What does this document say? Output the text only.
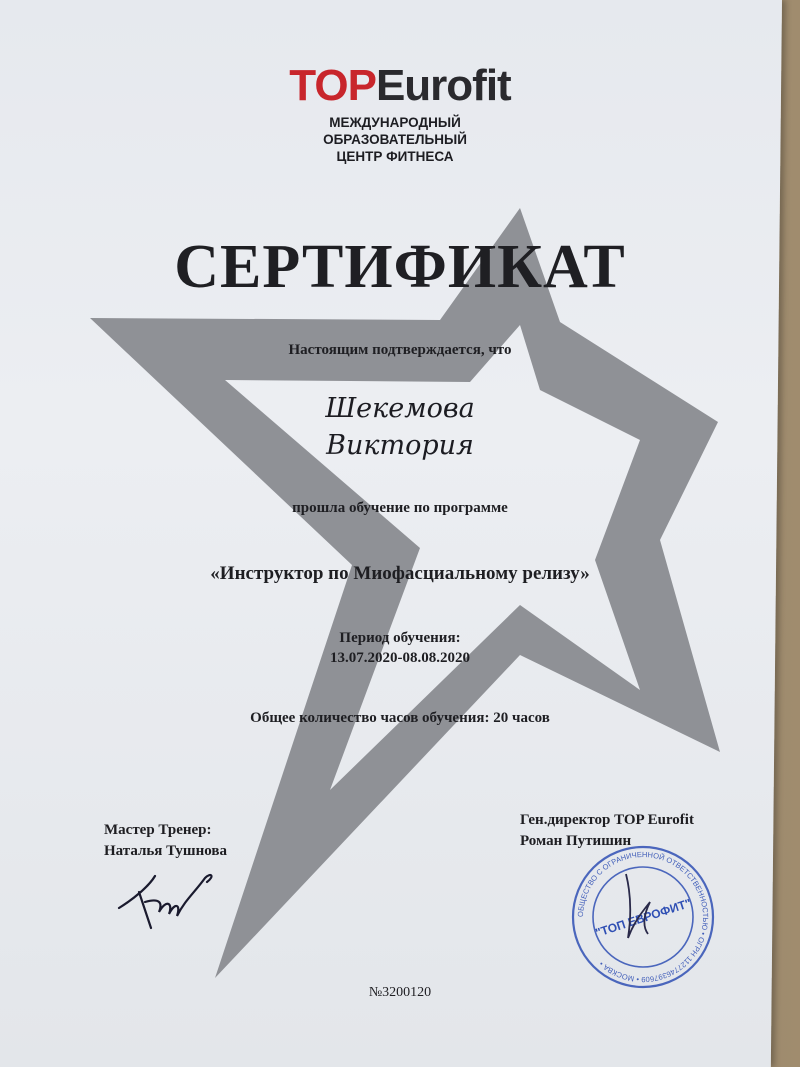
TOPEurofit
МЕЖДУНАРОДНЫЙ
ОБРАЗОВАТЕЛЬНЫЙ
ЦЕНТР ФИТНЕСА
СЕРТИФИКАТ
Настоящим подтверждается, что
Шекемова
Виктория
прошла обучение по программе
«Инструктор по Миофасциальному релизу»
Период обучения:
13.07.2020-08.08.2020
Общее количество часов обучения: 20 часов
Мастер Тренер:
Наталья Тушнова
Ген.директор TOP Eurofit
Роман Путишин
ОБЩЕСТВО С ОГРАНИЧЕННОЙ ОТВЕТСТВЕННОСТЬЮ • ОГРН 1127746397609 • МОСКВА •
"ТОП ЕВРОФИТ"
№3200120
